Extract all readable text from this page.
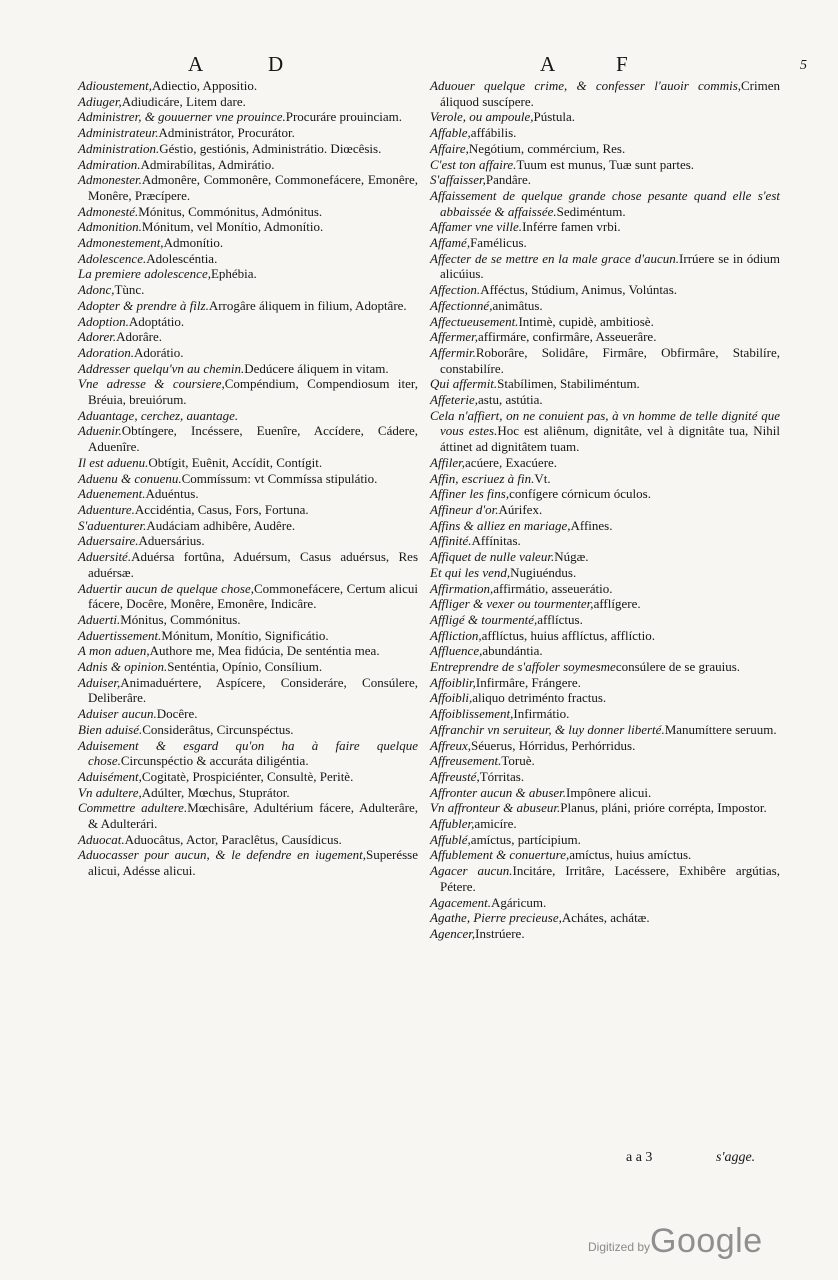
A	D	A	F	5

Adioustement,Adiectio, Appositio.

Adiuger,Adiudicáre, Litem dare.

Administrer, & gouuerner vne prouince.Procuráre prouinciam.

Administrateur.Administrátor, Procurátor.

Administration.Géstio, gestiónis, Administrátio. Diœcêsis.

Admiration.Admirabílitas, Admirátio.

Admonester.Admonêre, Commonêre, Commonefácere, Emonêre, Monêre, Præcípere.

Admonesté.Mónitus, Commónitus, Admónitus.

Admonition.Mónitum, vel Monítio, Admonítio.

Admonestement,Admonítio.

Adolescence.Adolescéntia.

La premiere adolescence,Ephébia.

Adonc,Tùnc.

Adopter & prendre à filz.Arrogâre áliquem in filium, Adoptâre.

Adoption.Adoptátio.

Adorer.Adorâre.

Adoration.Adorátio.

Addresser quelqu'vn au chemin.Dedúcere áliquem in vitam.

Vne adresse & coursiere,Compéndium, Compendiosum iter, Bréuia, breuiórum.

Aduantage, cerchez, auantage.

Aduenir.Obtíngere, Incéssere, Euenîre, Accídere, Cádere, Aduenîre.

Il est aduenu.Obtígit, Euênit, Accídit, Contígit.

Aduenu & conuenu.Commíssum: vt Commíssa stipulátio.

Aduenement.Aduéntus.

Aduenture.Accidéntia, Casus, Fors, Fortuna.

S'aduenturer.Audáciam adhibêre, Audêre.

Aduersaire.Aduersárius.

Aduersité.Aduérsa fortûna, Aduérsum, Casus aduérsus, Res aduérsæ.

Aduertir aucun de quelque chose,Commonefácere, Certum alicui fácere, Docêre, Monêre, Emonêre, Indicâre.

Aduerti.Mónitus, Commónitus.

Aduertissement.Mónitum, Monítio, Significátio.

A mon aduen,Authore me, Mea fidúcia, De senténtia mea.

Adnis & opinion.Senténtia, Opínio, Consílium.

Aduiser,Animaduértere, Aspícere, Consideráre, Consúlere, Deliberâre.

Aduiser aucun.Docêre.

Bien aduisé.Considerâtus, Circunspéctus.

Aduisement & esgard qu'on ha à faire quelque chose.Circunspéctio & accuráta diligéntia.

Aduisément,Cogitatè, Prospiciénter, Consultè, Peritè.

Vn adultere,Adúlter, Mœchus, Stuprátor.

Commettre adultere.Mœchisâre, Adultérium fácere, Adulterâre, & Adulterári.

Aduocat.Aduocâtus, Actor, Paraclêtus, Causídicus.

Aduocasser pour aucun, & le defendre en iugement,Superésse alicui, Adésse alicui.

Aduouer quelque crime, & confesser l'auoir commis,Crimen áliquod suscípere.

Verole, ou ampoule,Pústula.

Affable,affábilis.

Affaire,Negótium, commércium, Res.

C'est ton affaire.Tuum est munus, Tuæ sunt partes.

S'affaisser,Pandâre.

Affaissement de quelque grande chose pesante quand elle s'est abbaissée & affaissée.Sediméntum.

Affamer vne ville.Inférre famen vrbi.

Affamé,Famélicus.

Affecter de se mettre en la male grace d'aucun.Irrúere se in ódium alicúius.

Affection.Afféctus, Stúdium, Animus, Volúntas.

Affectionné,animâtus.

Affectueusement.Intimè, cupidè, ambitiosè.

Affermer,affirmáre, confirmâre, Asseuerâre.

Affermir.Roborâre, Solidâre, Firmâre, Obfirmâre, Stabilíre, constabilíre.

Qui affermit.Stabílimen, Stabiliméntum.

Affeterie,astu, astútia.

Cela n'affiert, on ne conuient pas, à vn homme de telle dignité que vous estes.Hoc est aliênum, dignitâte, vel à dignitâte tua, Nihil áttinet ad dignitâtem tuam.

Affiler,acúere, Exacúere.

Affin, escriuez à fin.Vt.

Affiner les fins,confígere córnicum óculos.

Affineur d'or.Aúrifex.

Affins & alliez en mariage,Affines.

Affinité.Affínitas.

Affiquet de nulle valeur.Núgæ.

Et qui les vend,Nugiuéndus.

Affirmation,affirmátio, asseuerátio.

Affliger & vexer ou tourmenter,afflígere.

Affligé & tourmenté,afflíctus.

Affliction,afflíctus, huius afflíctus, afflíctio.

Affluence,abundántia.

Entreprendre de s'affoler soymesmeconsúlere de se grauius.

Affoiblir,Infirmâre, Frángere.

Affoibli,aliquo detriménto fractus.

Affoiblissement,Infirmátio.

Affranchir vn seruiteur, & luy donner liberté.Manumíttere seruum.

Affreux,Séuerus, Hórridus, Perhórridus.

Affreusement.Toruè.

Affreusté,Tórritas.

Affronter aucun & abuser.Impônere alicui.

Vn affronteur & abuseur.Planus, pláni, prióre corrépta, Impostor.

Affubler,amicíre.

Affublé,amíctus, partícipium.

Affublement & conuerture,amíctus, huius amíctus.

Agacer aucun.Incitáre, Irritâre, Lacéssere, Exhibêre argútias, Pétere.

Agacement.Agáricum.

Agathe, Pierre precieuse,Achátes, achátæ.

Agencer,Instrúere.

a a 3	s'agge.
Digitized by Google
